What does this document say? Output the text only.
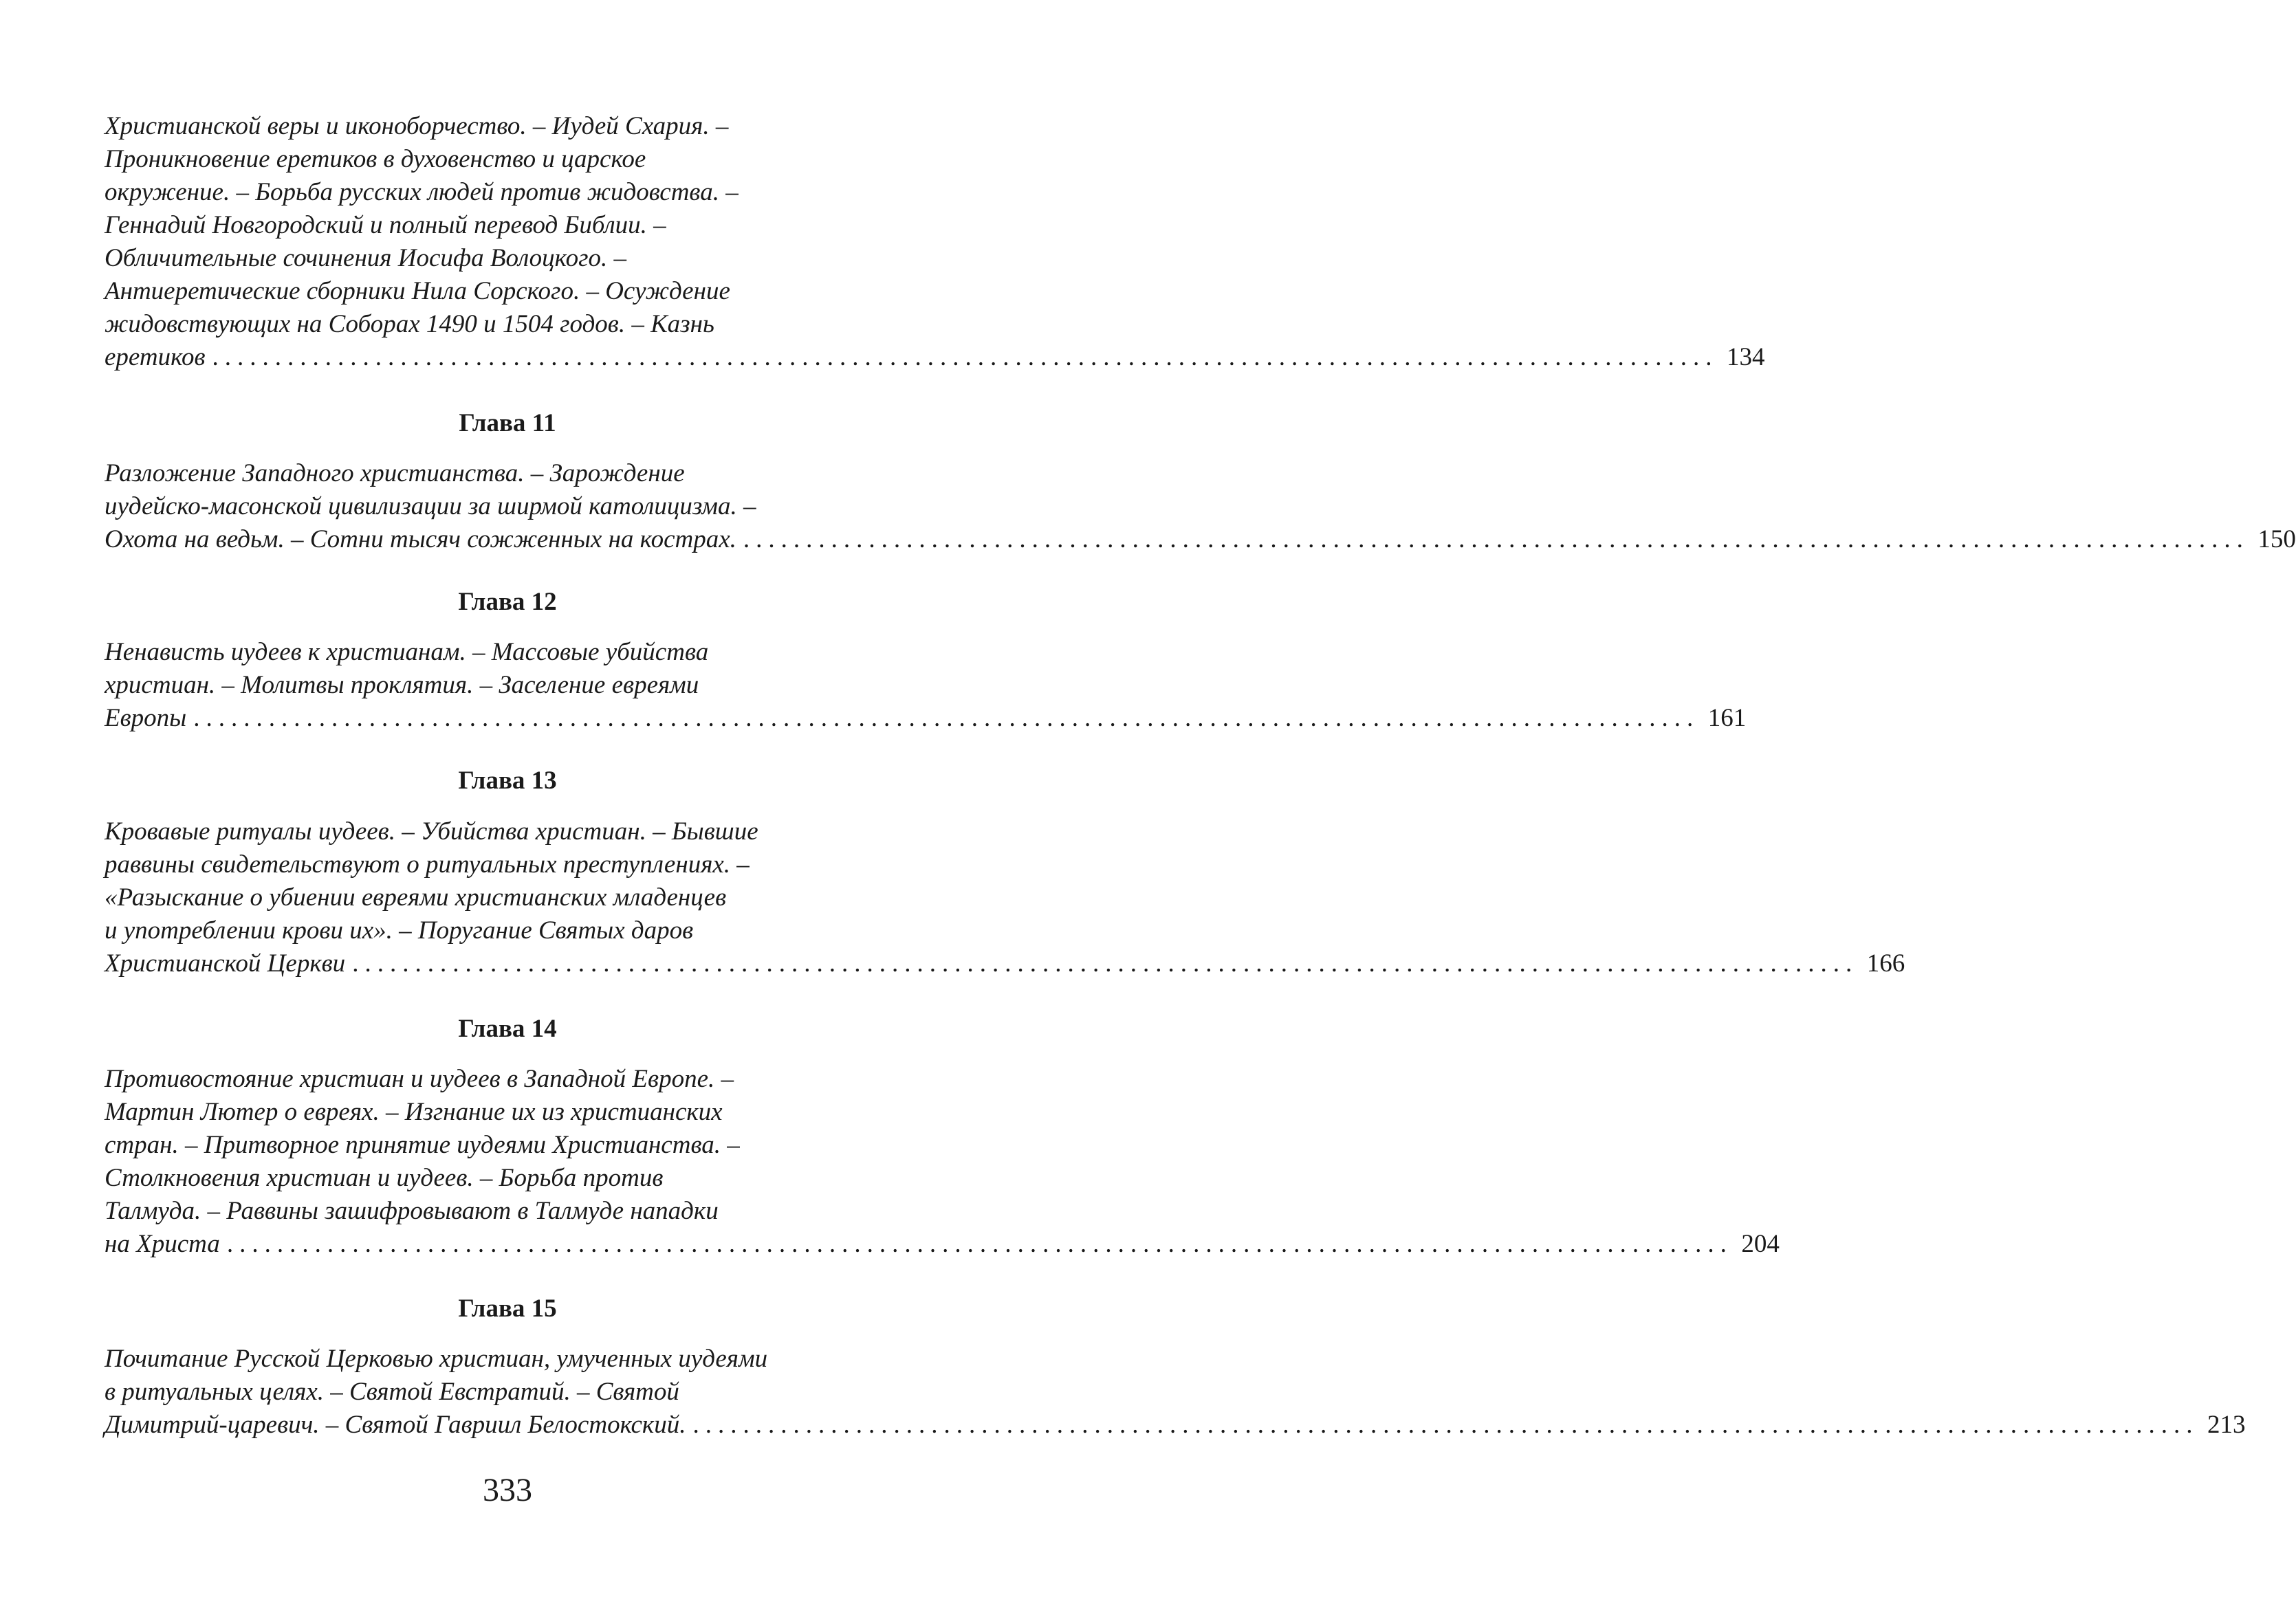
Христианской веры и иконоборчество. – Иудей Схария. –
Проникновение еретиков в духовенство и царское
окружение. – Борьба русских людей против жидовства. –
Геннадий Новгородский и полный перевод Библии. –
Обличительные сочинения Иосифа Волоцкого. –
Антиеретические сборники Нила Сорского. – Осуждение
жидовствующих на Соборах 1490 и 1504 годов. – Казнь
еретиков ........................................................................................................................ 134
Глава 11
Разложение Западного христианства. – Зарождение
иудейско-масонской цивилизации за ширмой католицизма. –
Охота на ведьм. – Сотни тысяч сожженных на кострах. ........................................................................................................................ 150
Глава 12
Ненависть иудеев к христианам. – Массовые убийства
христиан. – Молитвы проклятия. – Заселение евреями
Европы ........................................................................................................................ 161
Глава 13
Кровавые ритуалы иудеев. – Убийства христиан. – Бывшие
раввины свидетельствуют о ритуальных преступлениях. –
«Разыскание о убиении евреями христианских младенцев
и употреблении крови их». – Поругание Святых даров
Христианской Церкви ........................................................................................................................ 166
Глава 14
Противостояние христиан и иудеев в Западной Европе. –
Мартин Лютер о евреях. – Изгнание их из христианских
стран. – Притворное принятие иудеями Христианства. –
Столкновения христиан и иудеев. – Борьба против
Талмуда. – Раввины зашифровывают в Талмуде нападки
на Христа ........................................................................................................................ 204
Глава 15
Почитание Русской Церковью христиан, умученных иудеями
в ритуальных целях. – Святой Евстратий. – Святой
Димитрий-царевич. – Святой Гавриил Белостокский. ........................................................................................................................ 213
333
